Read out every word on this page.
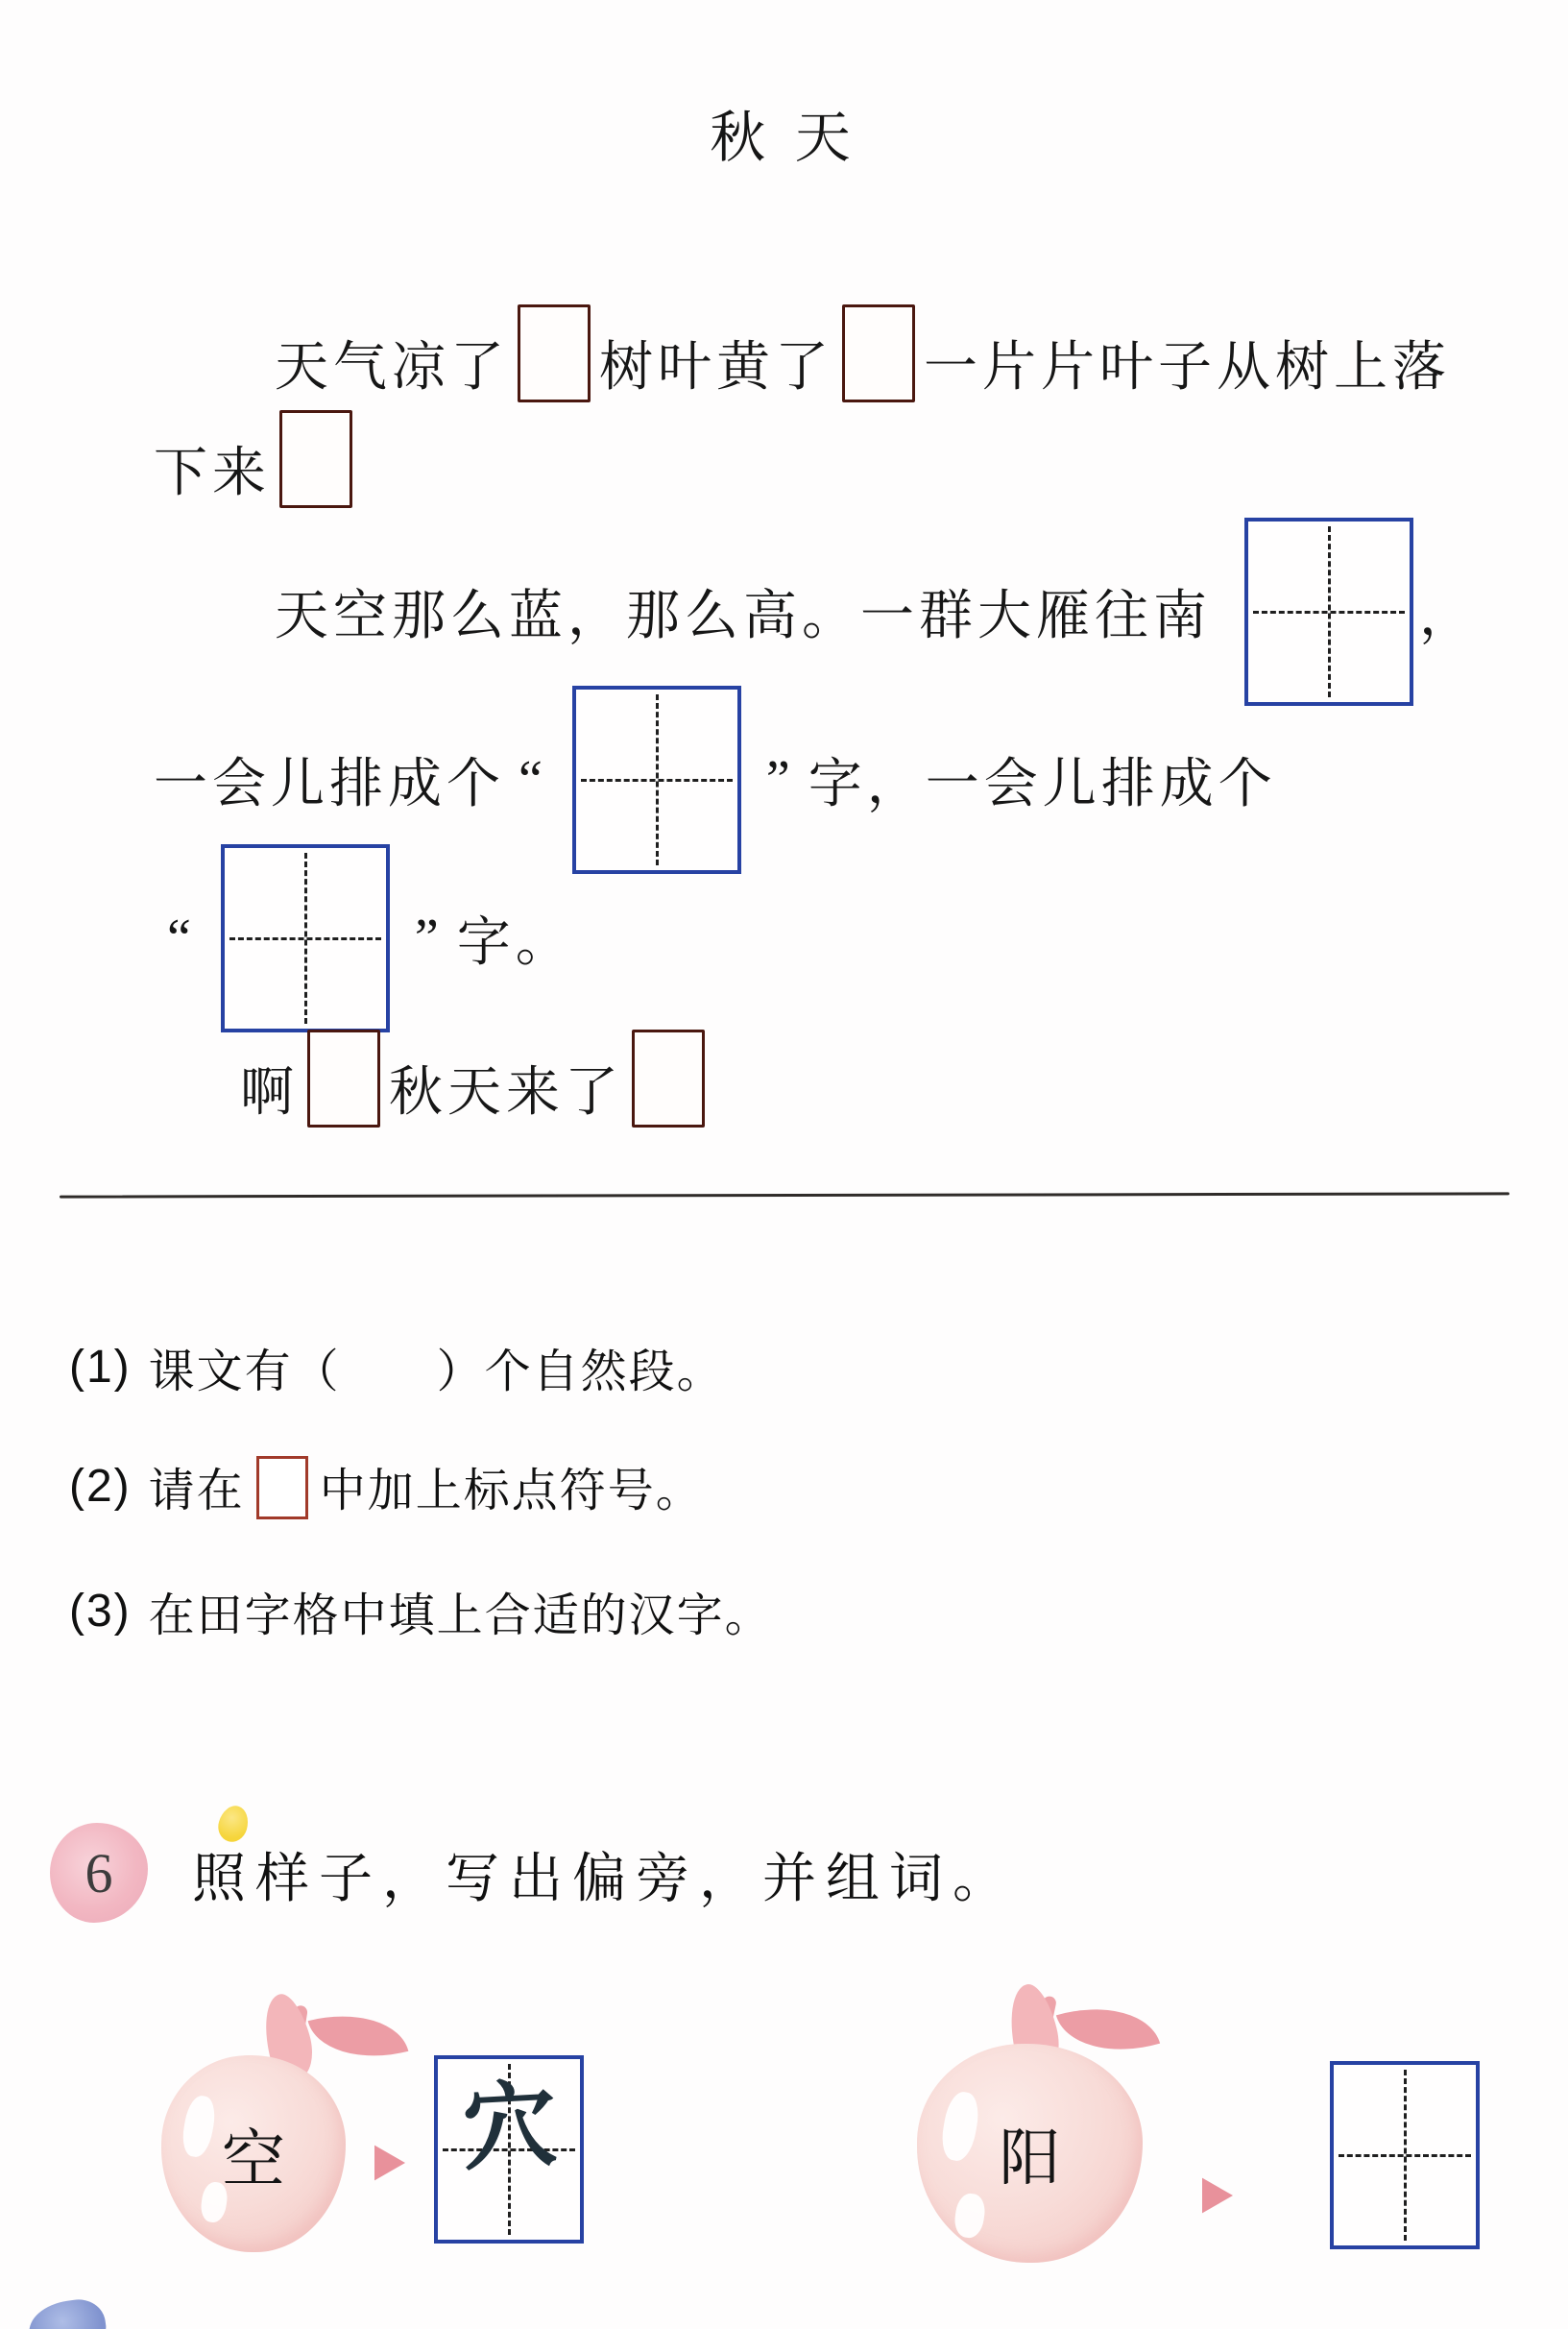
秋 天
天气凉了 树叶黄了 一片片叶子从树上落
下来
天空那么蓝，那么高。一群大雁往南

	，
一会儿排成个 “

	” 字，一会儿排成个
“

	” 字。
啊 秋天来了
(1) 课文有（　　）个自然段。
(2) 请在 中加上标点符号。
(3) 在田字格中填上合适的汉字。
6 照样子，写出偏旁，并组词。
空	穴	阳
